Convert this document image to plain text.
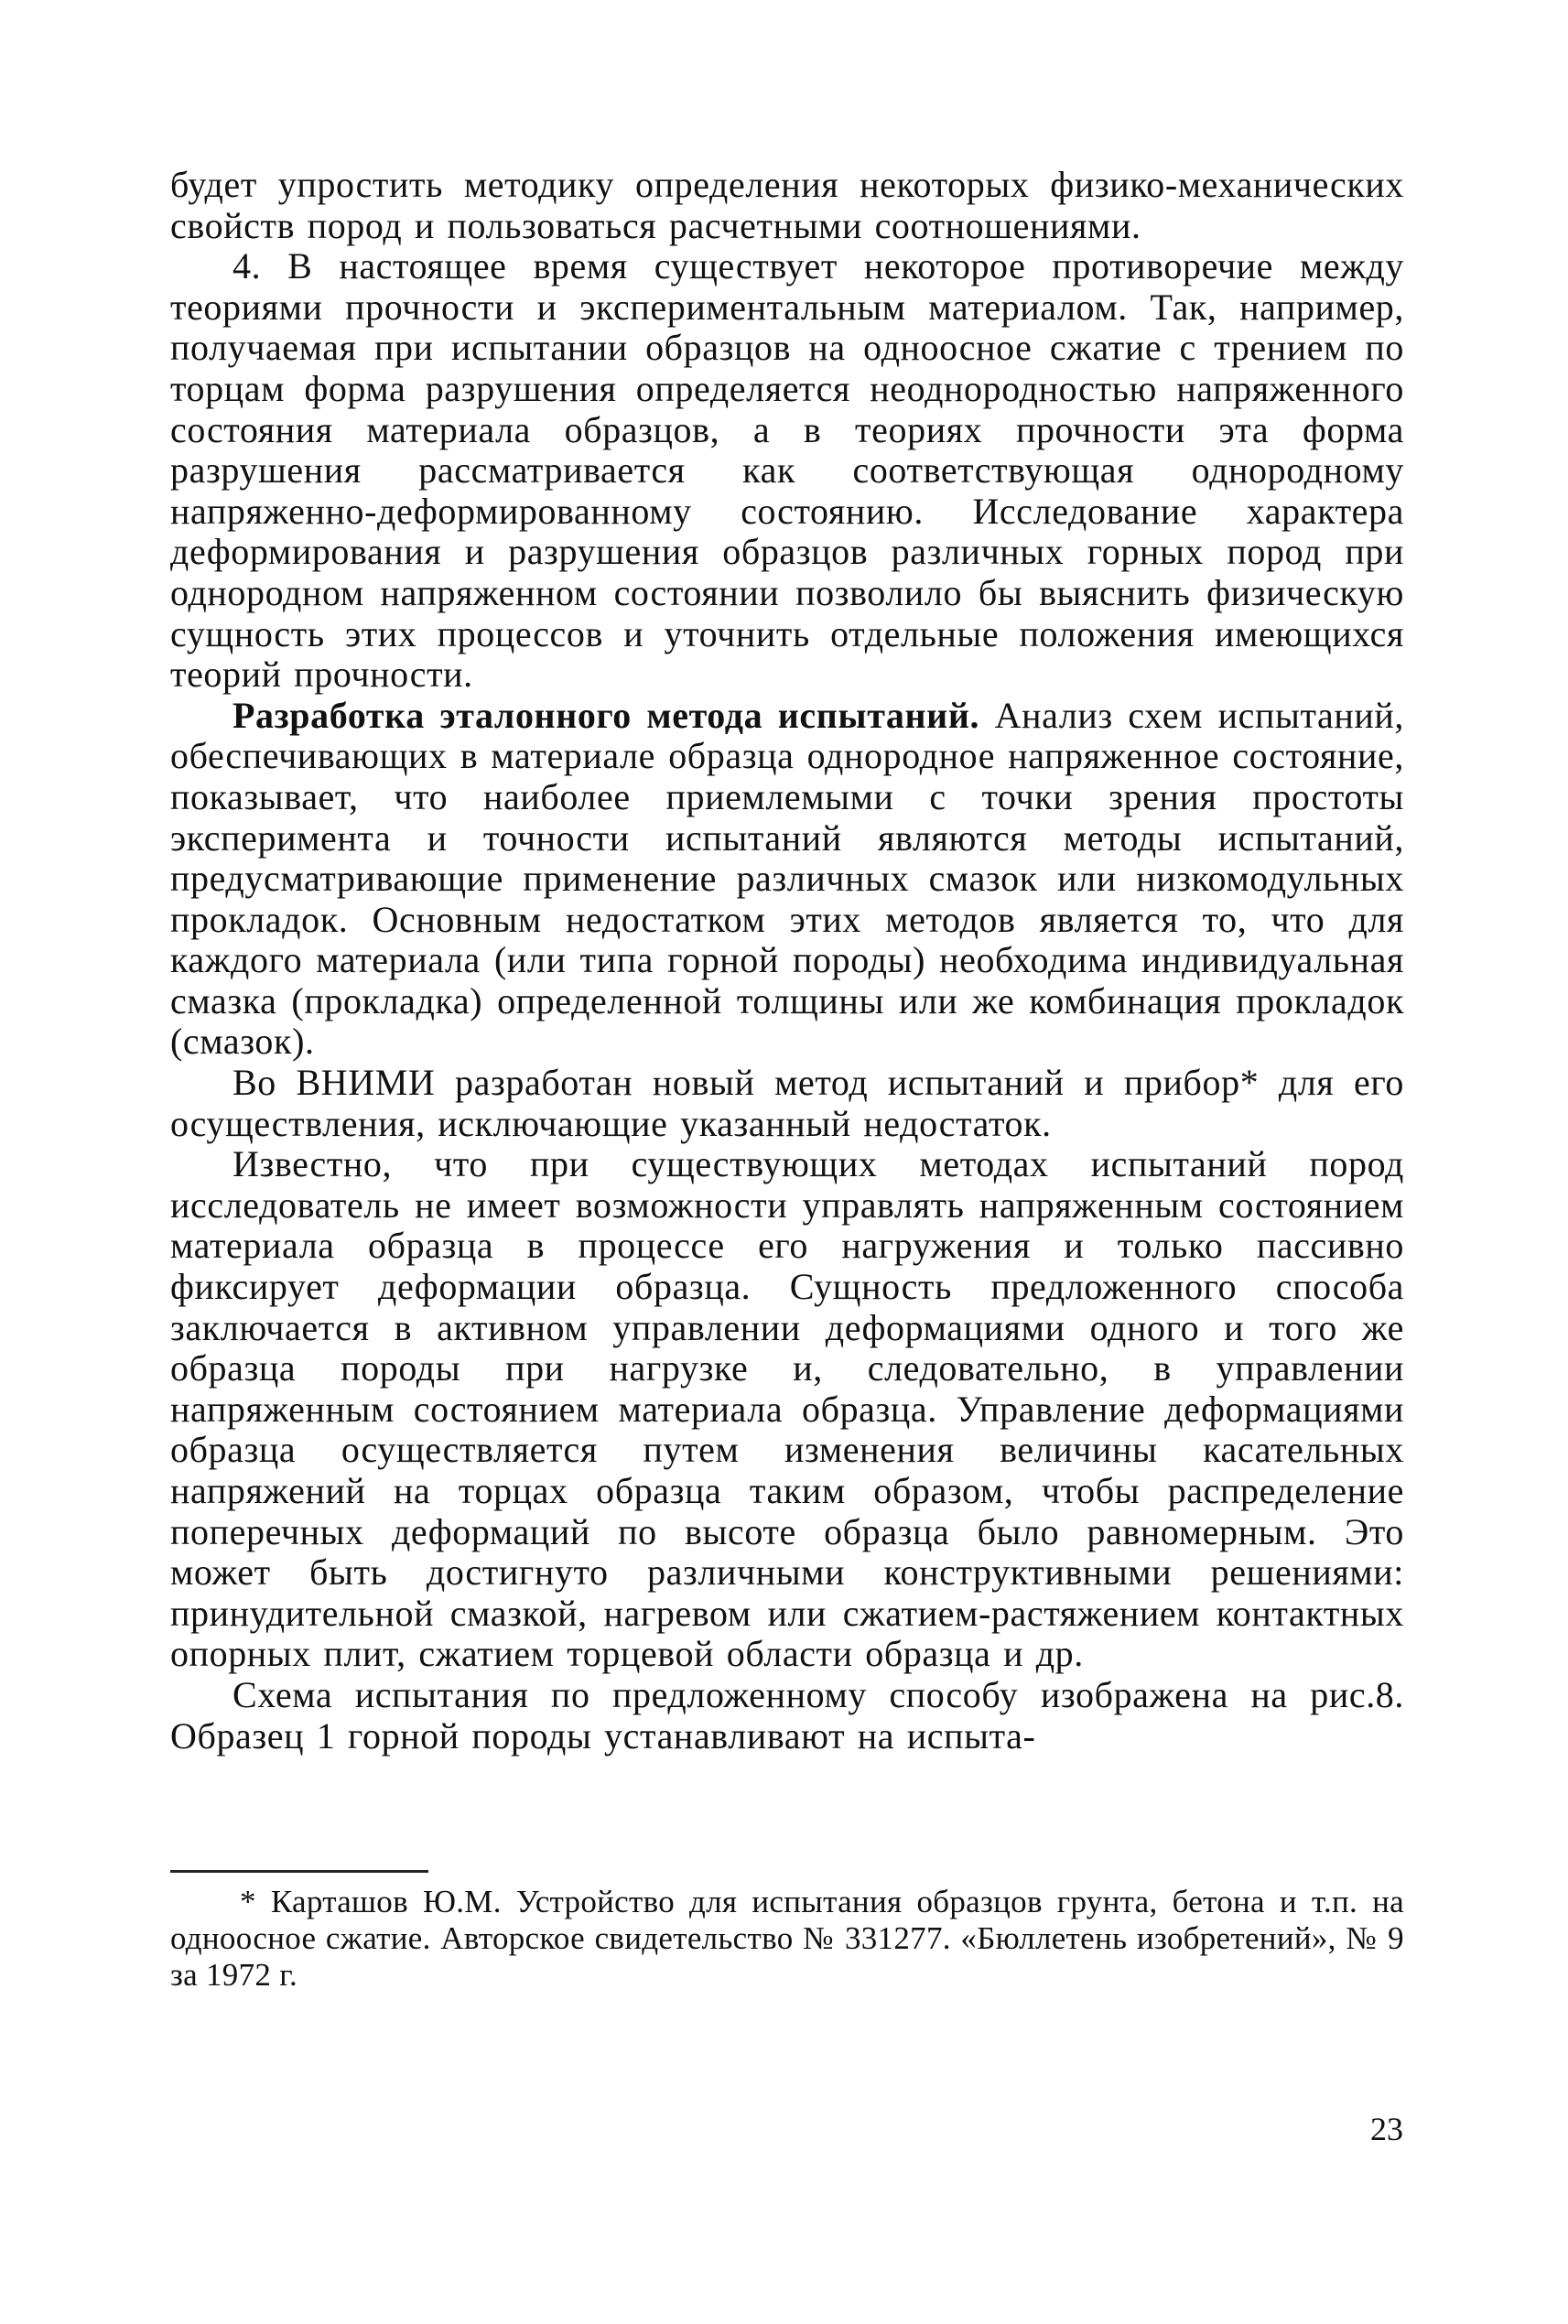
будет упростить методику определения некоторых физико-механических свойств пород и пользоваться расчетными соотношениями.

4. В настоящее время существует некоторое противоречие между теориями прочности и экспериментальным материалом. Так, например, получаемая при испытании образцов на одноосное сжатие с трением по торцам форма разрушения определяется неоднородностью напряженного состояния материала образцов, а в теориях прочности эта форма разрушения рассматривается как соответствующая однородному напряженно-деформированному состоянию. Исследование характера деформирования и разрушения образцов различных горных пород при однородном напряженном состоянии позволило бы выяснить физическую сущность этих процессов и уточнить отдельные положения имеющихся теорий прочности.

Разработка эталонного метода испытаний. Анализ схем испытаний, обеспечивающих в материале образца однородное напряженное состояние, показывает, что наиболее приемлемыми с точки зрения простоты эксперимента и точности испытаний являются методы испытаний, предусматривающие применение различных смазок или низкомодульных прокладок. Основным недостатком этих методов является то, что для каждого материала (или типа горной породы) необходима индивидуальная смазка (прокладка) определенной толщины или же комбинация прокладок (смазок).

Во ВНИМИ разработан новый метод испытаний и прибор* для его осуществления, исключающие указанный недостаток.

Известно, что при существующих методах испытаний пород исследователь не имеет возможности управлять напряженным состоянием материала образца в процессе его нагружения и только пассивно фиксирует деформации образца. Сущность предложенного способа заключается в активном управлении деформациями одного и того же образца породы при нагрузке и, следовательно, в управлении напряженным состоянием материала образца. Управление деформациями образца осуществляется путем изменения величины касательных напряжений на торцах образца таким образом, чтобы распределение поперечных деформаций по высоте образца было равномерным. Это может быть достигнуто различными конструктивными решениями: принудительной смазкой, нагревом или сжатием-растяжением контактных опорных плит, сжатием торцевой области образца и др.

Схема испытания по предложенному способу изображена на рис.8. Образец 1 горной породы устанавливают на испыта-

* Карташов Ю.М. Устройство для испытания образцов грунта, бетона и т.п. на одноосное сжатие. Авторское свидетельство № 331277. «Бюллетень изобретений», № 9 за 1972 г.

23
